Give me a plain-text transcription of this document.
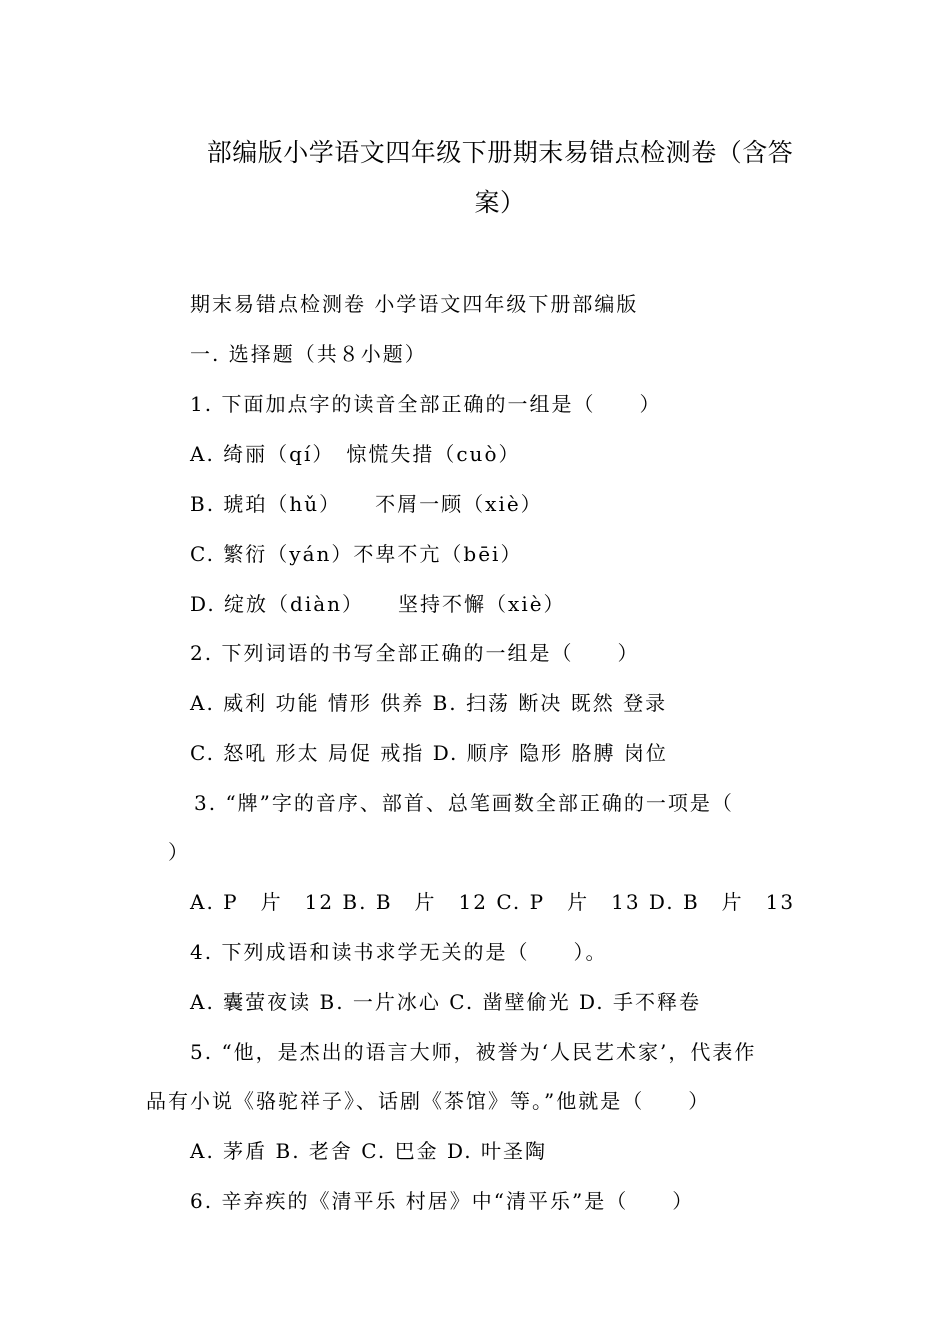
部编版小学语文四年级下册期末易错点检测卷（含答
案）
期末易错点检测卷 小学语文四年级下册部编版
一. 选择题（共８小题）
1. 下面加点字的读音全部正确的一组是（　　）
A. 绮丽（qí）　惊慌失措（cuò）
B. 琥珀（hǔ）　　不屑一顾（xiè）
C. 繁衍（yán）不卑不亢（bēi）
D. 绽放（diàn）　　坚持不懈（xiè）
2. 下列词语的书写全部正确的一组是（　　）
A. 威利 功能 情形 供养 B. 扫荡 断决 既然 登录
C. 怒吼 形太 局促 戒指 D. 顺序 隐形 胳膊 岗位
3. “牌”字的音序、部首、总笔画数全部正确的一项是（
）
A. P　片　12 B. B　片　12 C. P　片　13 D. B　片　13
4. 下列成语和读书求学无关的是（　　）。
A. 囊萤夜读 B. 一片冰心 C. 凿壁偷光 D. 手不释卷
5. “他，是杰出的语言大师，被誉为‘人民艺术家’，代表作
品有小说《骆驼祥子》、话剧《茶馆》等。”他就是（　　）
A. 茅盾 B. 老舍 C. 巴金 D. 叶圣陶
6. 辛弃疾的《清平乐 村居》中“清平乐”是（　　）
